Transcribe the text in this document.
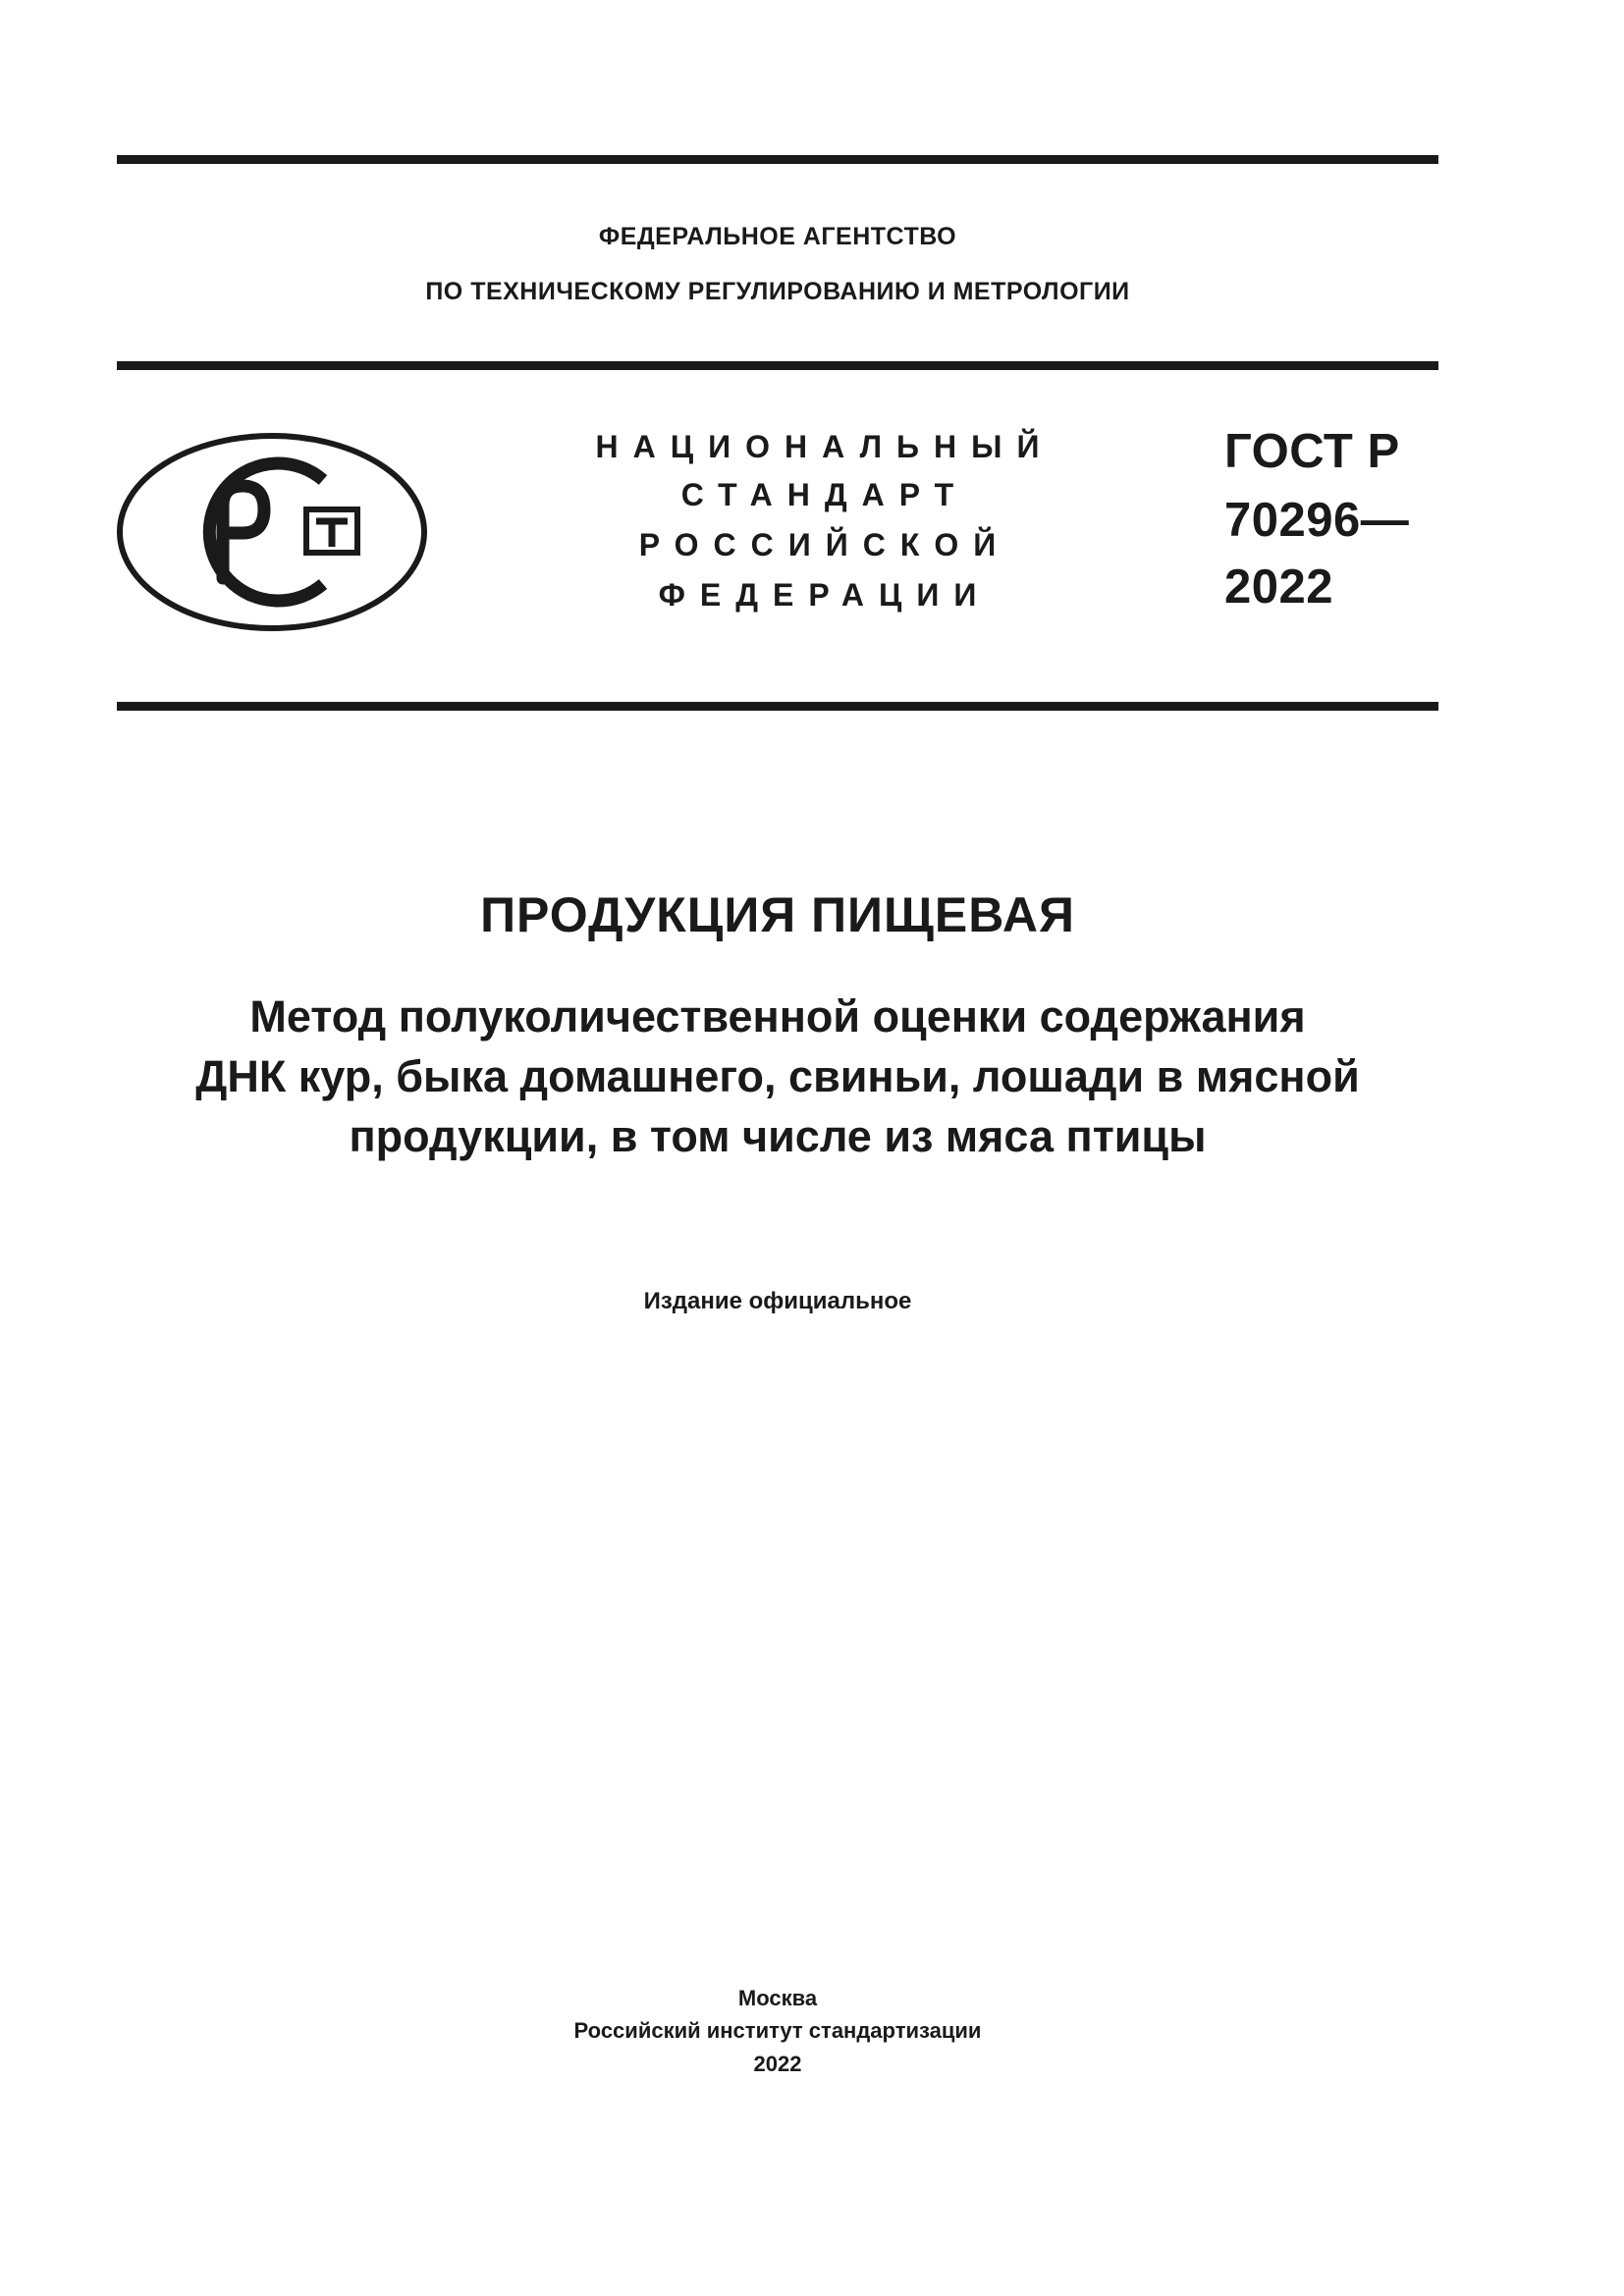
ФЕДЕРАЛЬНОЕ АГЕНТСТВО
ПО ТЕХНИЧЕСКОМУ РЕГУЛИРОВАНИЮ И МЕТРОЛОГИИ
НАЦИОНАЛЬНЫЙ
СТАНДАРТ
РОССИЙСКОЙ
ФЕДЕРАЦИИ
ГОСТ Р
70296—
2022
ПРОДУКЦИЯ ПИЩЕВАЯ
Метод полуколичественной оценки содержания
ДНК кур, быка домашнего, свиньи, лошади в мясной
продукции, в том числе из мяса птицы
Издание официальное
Москва
Российский институт стандартизации
2022
